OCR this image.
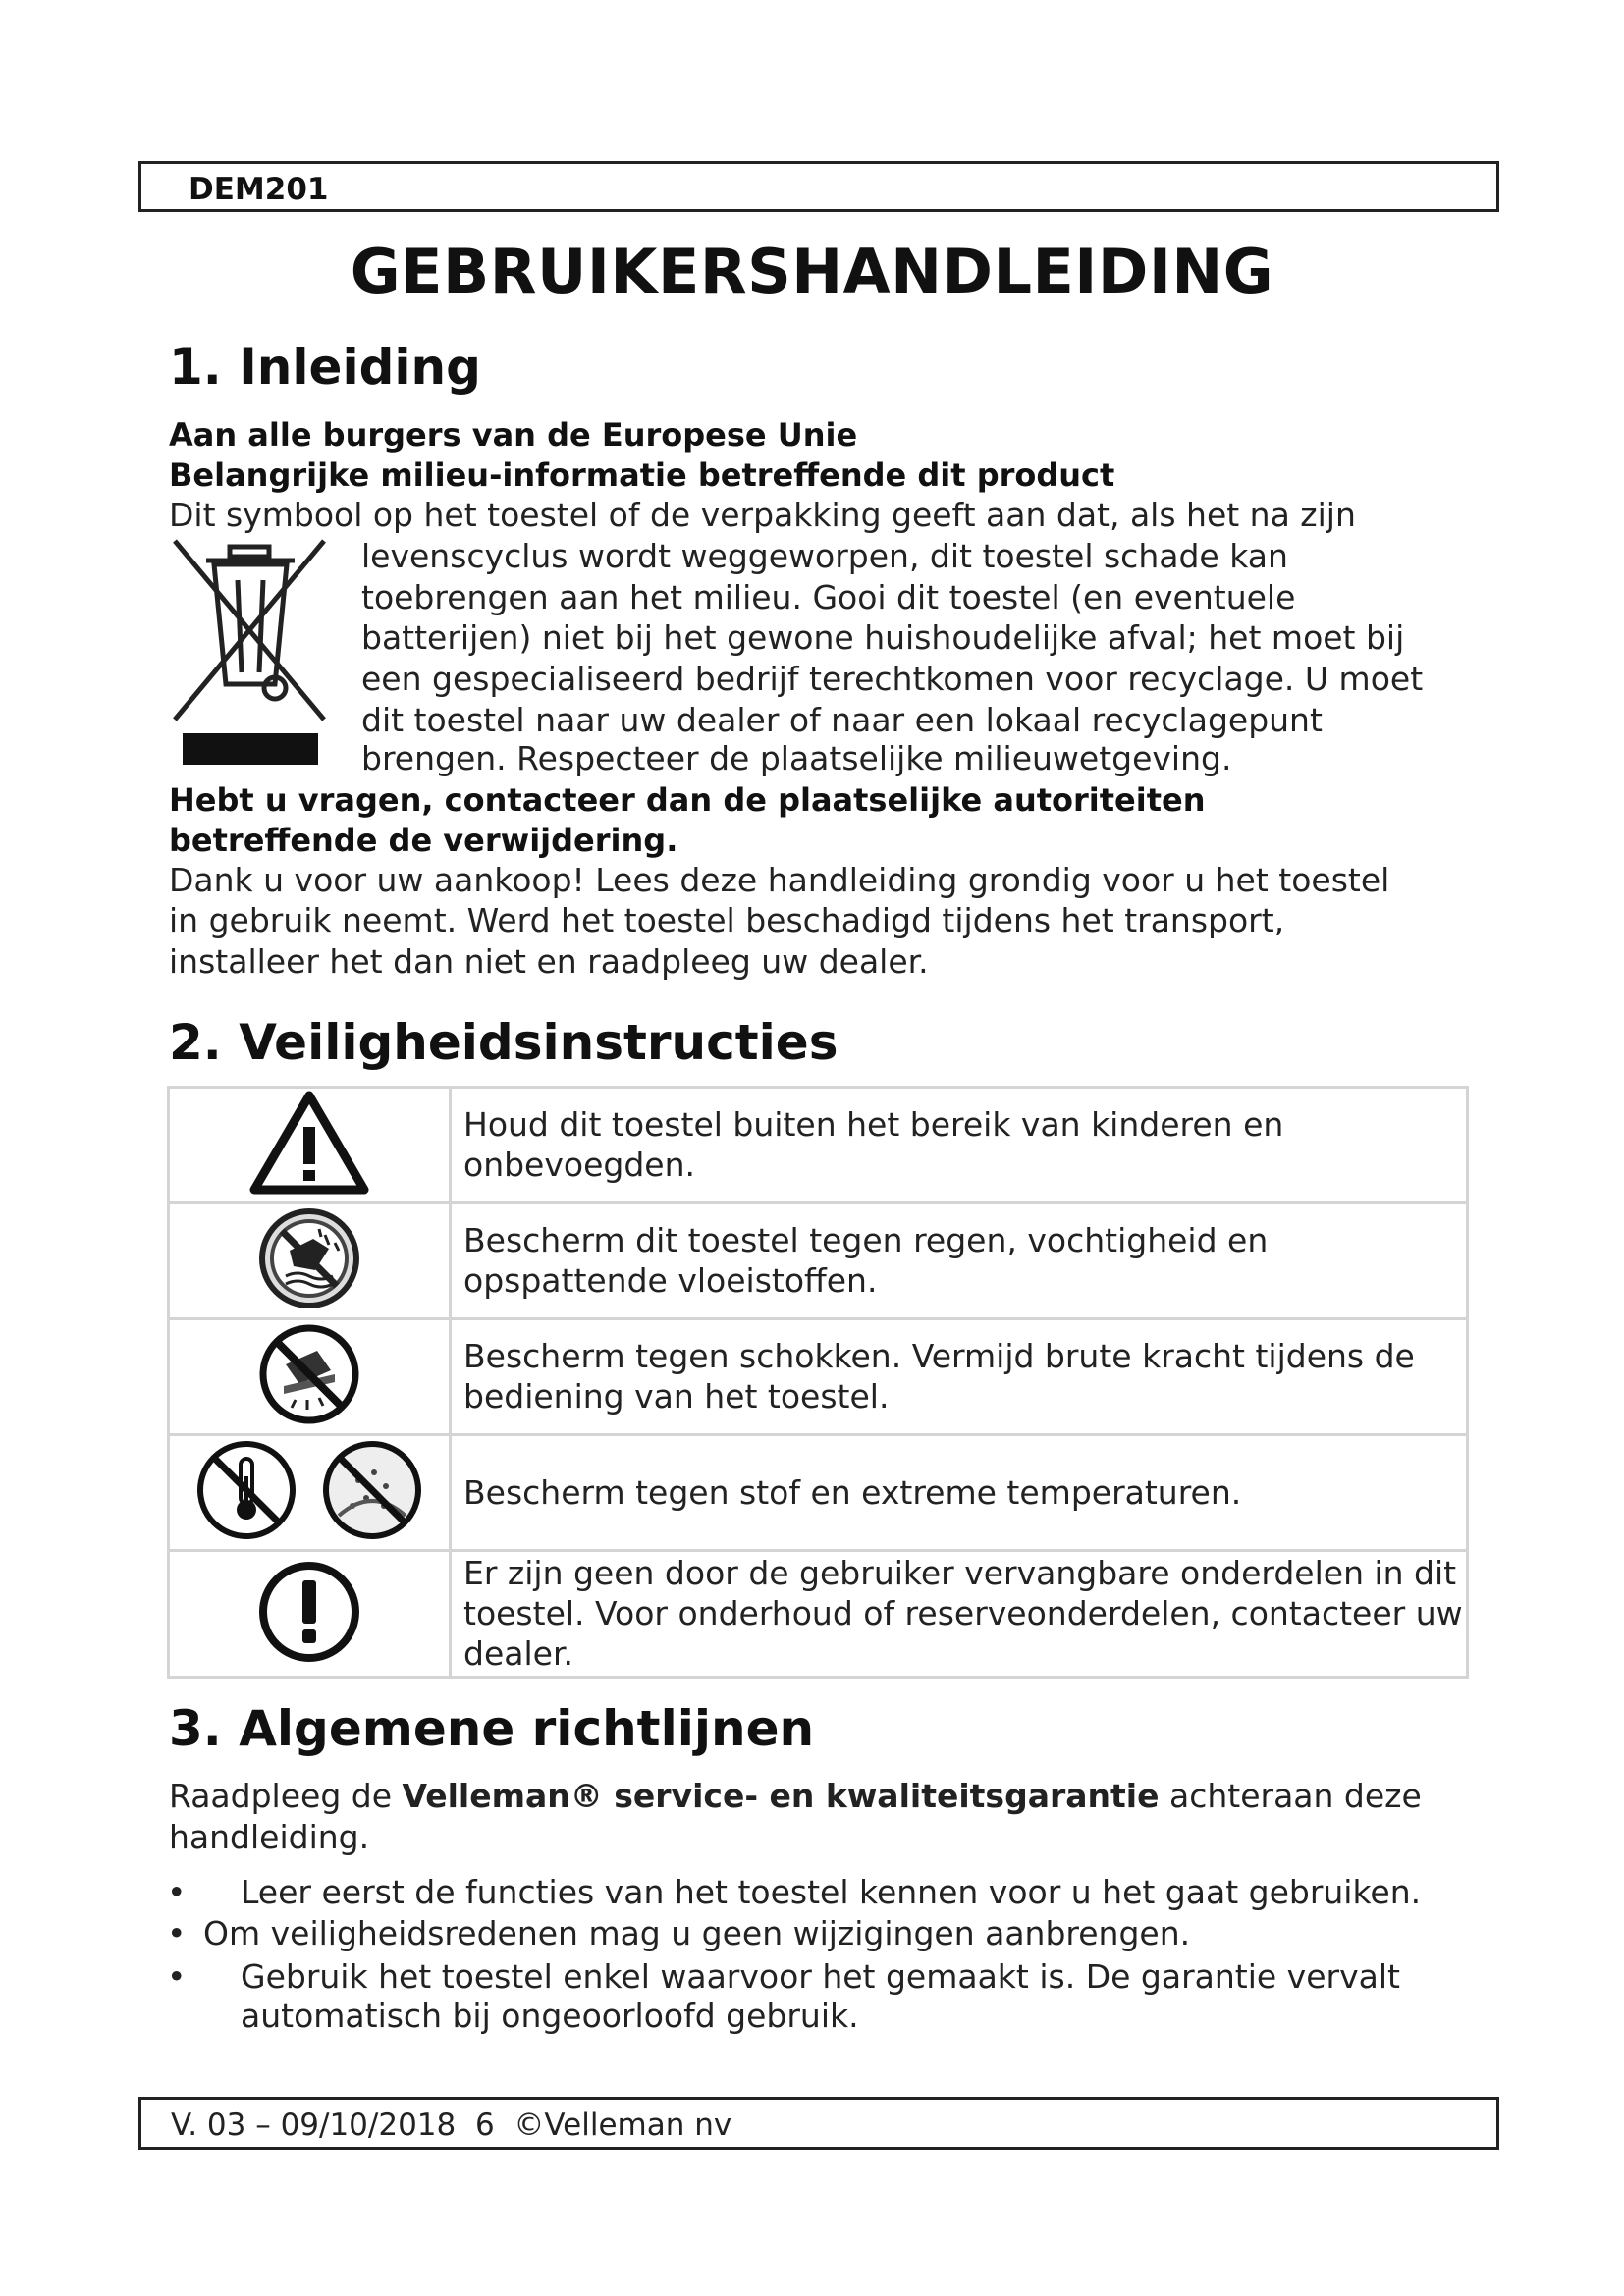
DEM201
GEBRUIKERSHANDLEIDING
1. Inleiding
Aan alle burgers van de Europese Unie
Belangrijke milieu-informatie betreffende dit product
Dit symbool op het toestel of de verpakking geeft aan dat, als het na zijn
levenscyclus wordt weggeworpen, dit toestel schade kan
toebrengen aan het milieu. Gooi dit toestel (en eventuele
batterijen) niet bij het gewone huishoudelijke afval; het moet bij
een gespecialiseerd bedrijf terechtkomen voor recyclage. U moet
dit toestel naar uw dealer of naar een lokaal recyclagepunt
brengen. Respecteer de plaatselijke milieuwetgeving.
Hebt u vragen, contacteer dan de plaatselijke autoriteiten
betreffende de verwijdering.
Dank u voor uw aankoop! Lees deze handleiding grondig voor u het toestel
in gebruik neemt. Werd het toestel beschadigd tijdens het transport,
installeer het dan niet en raadpleeg uw dealer.
2. Veiligheidsinstructies
	Houd dit toestel buiten het bereik van kinderen en onbevoegden.
	Bescherm dit toestel tegen regen, vochtigheid en opspattende vloeistoffen.
	Bescherm tegen schokken. Vermijd brute kracht tijdens de bediening van het toestel.
	Bescherm tegen stof en extreme temperaturen.
	Er zijn geen door de gebruiker vervangbare onderdelen in dit toestel. Voor onderhoud of reserveonderdelen, contacteer uw dealer.
3. Algemene richtlijnen
Raadpleeg de Velleman® service- en kwaliteitsgarantie achteraan deze
handleiding.
• Leer eerst de functies van het toestel kennen voor u het gaat gebruiken.
• Om veiligheidsredenen mag u geen wijzigingen aanbrengen.
• Gebruik het toestel enkel waarvoor het gemaakt is. De garantie vervalt
automatisch bij ongeoorloofd gebruik.
V. 03 – 09/10/2018  6  ©Velleman nv
